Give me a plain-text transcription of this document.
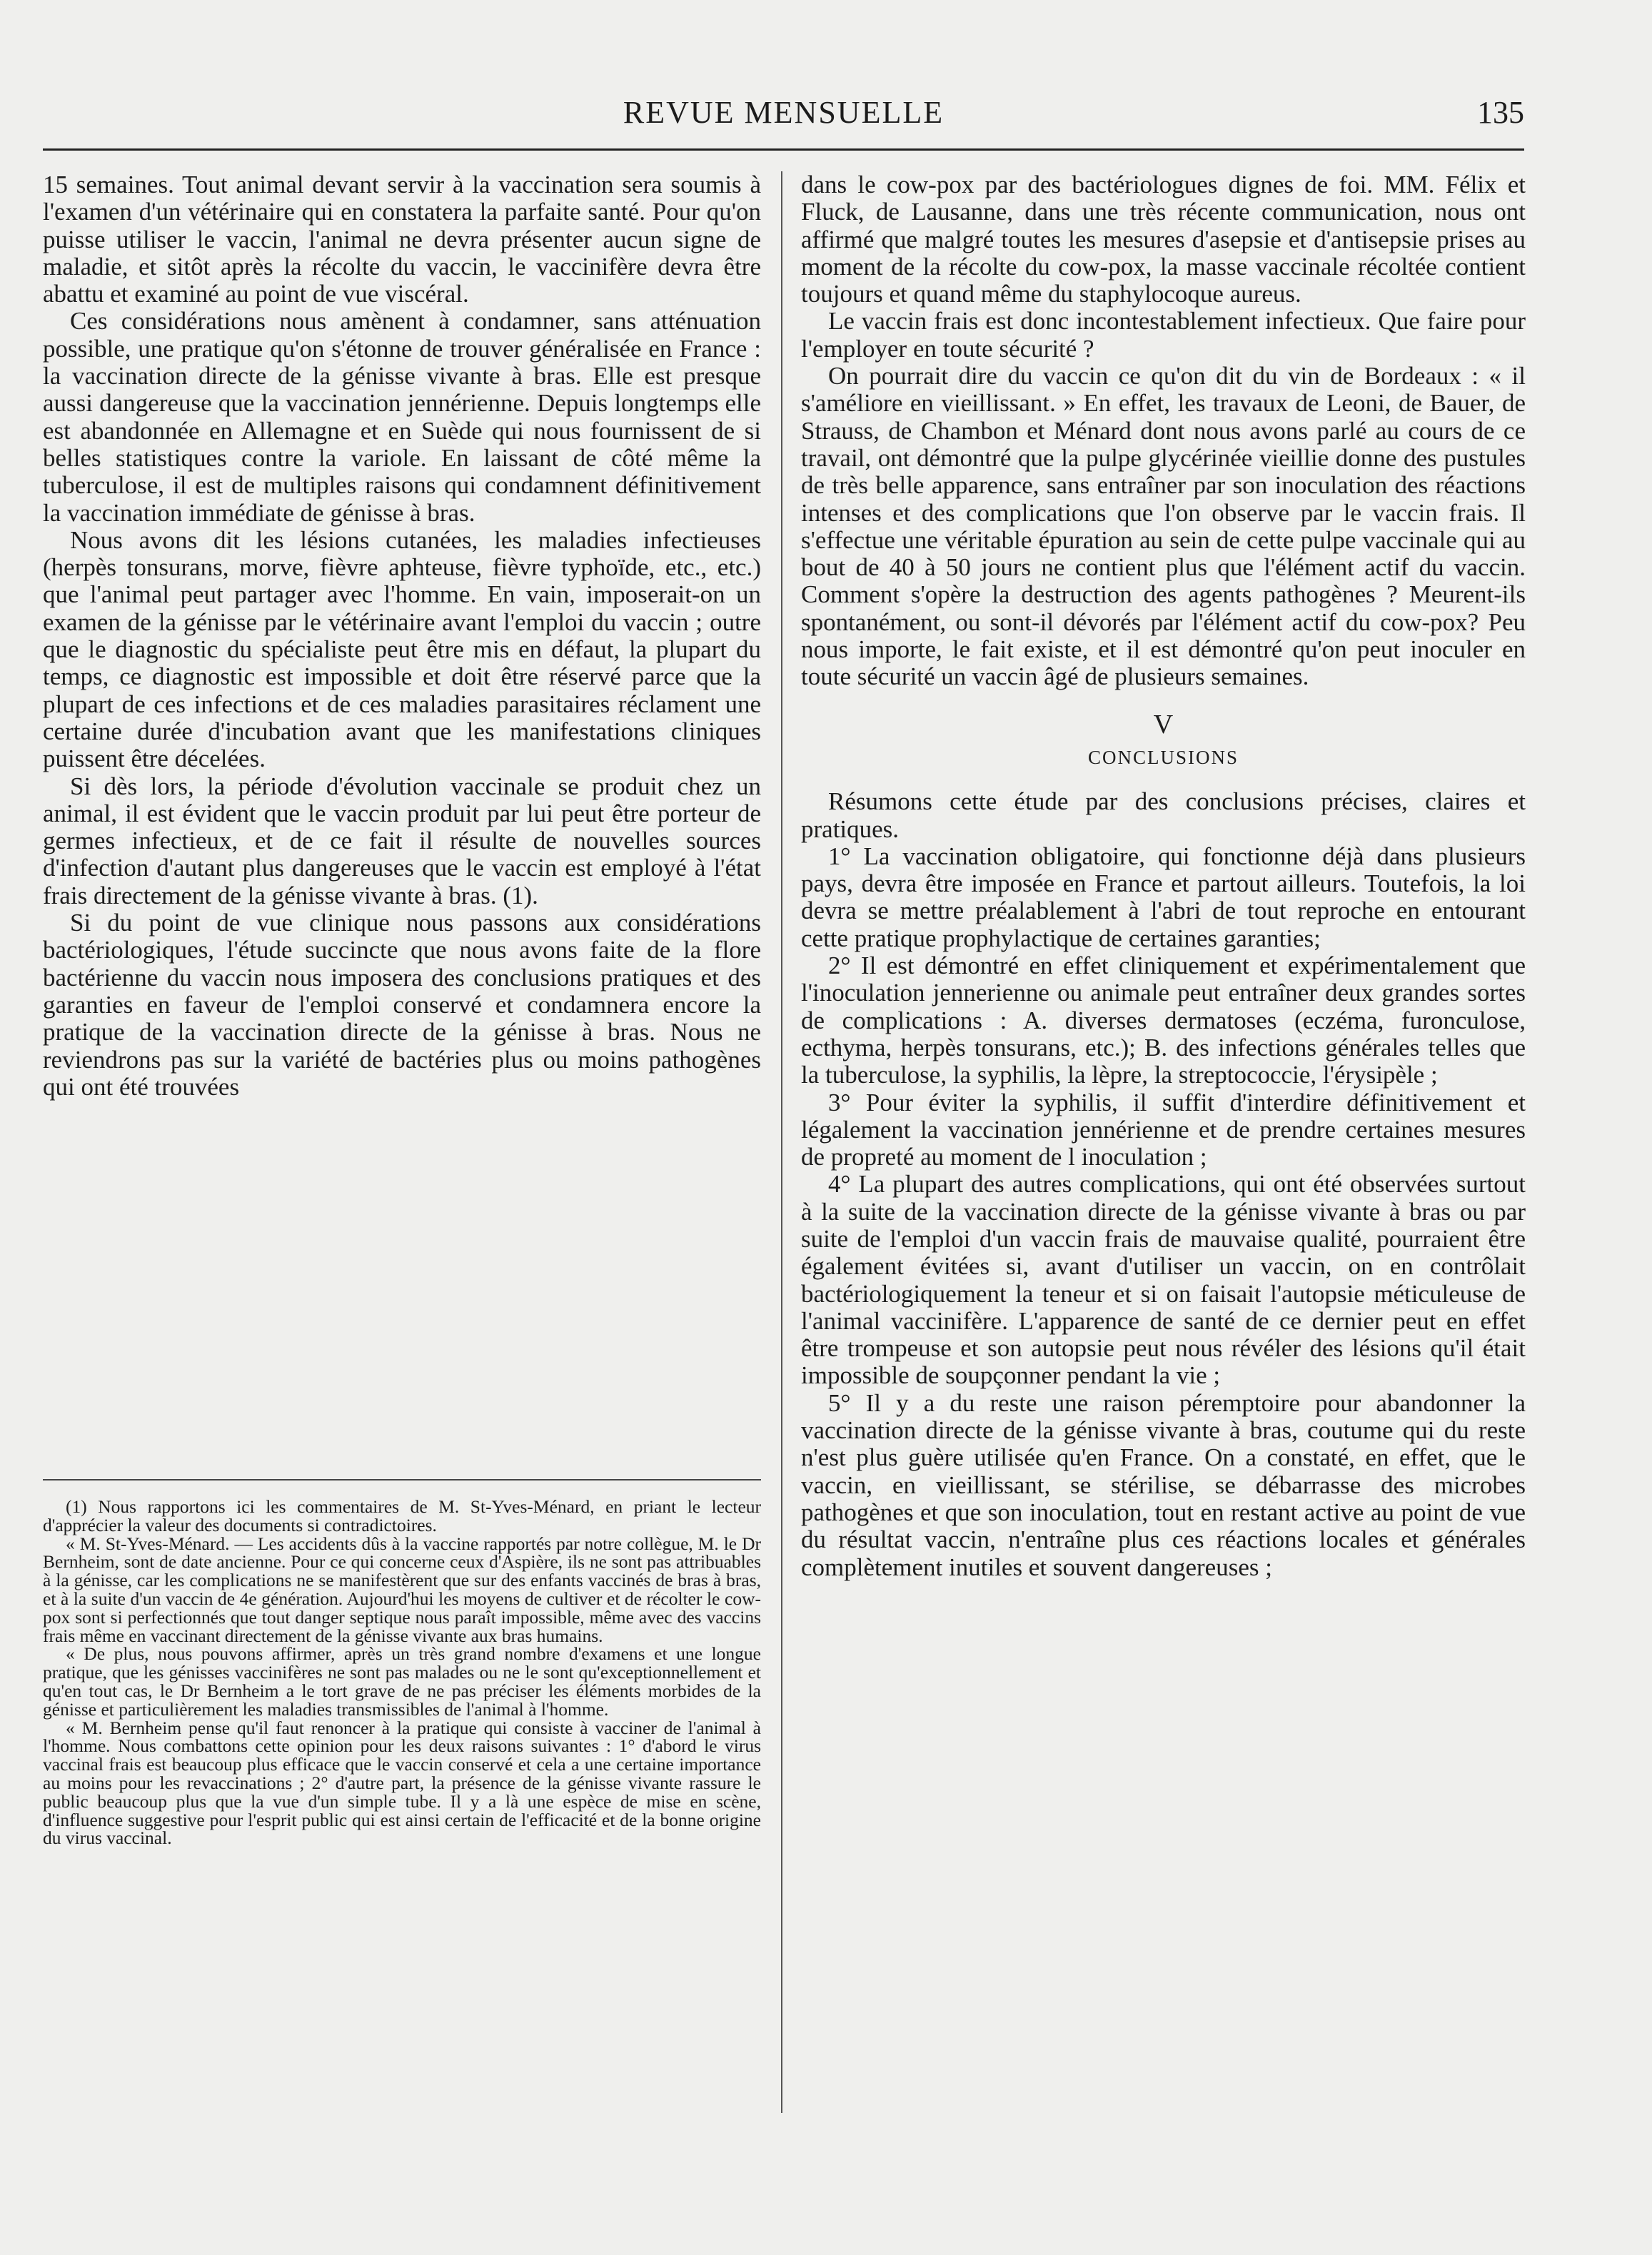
REVUE MENSUELLE	135

15 semaines. Tout animal devant servir à la vaccination sera soumis à l'examen d'un vétérinaire qui en constatera la parfaite santé. Pour qu'on puisse utiliser le vaccin, l'animal ne devra présenter aucun signe de maladie, et sitôt après la récolte du vaccin, le vaccinifère devra être abattu et examiné au point de vue viscéral.

Ces considérations nous amènent à condamner, sans atténuation possible, une pratique qu'on s'étonne de trouver généralisée en France : la vaccination directe de la génisse vivante à bras. Elle est presque aussi dangereuse que la vaccination jennérienne. Depuis longtemps elle est abandonnée en Allemagne et en Suède qui nous fournissent de si belles statistiques contre la variole. En laissant de côté même la tuberculose, il est de multiples raisons qui condamnent définitivement la vaccination immédiate de génisse à bras.

Nous avons dit les lésions cutanées, les maladies infectieuses (herpès tonsurans, morve, fièvre aphteuse, fièvre typhoïde, etc., etc.) que l'animal peut partager avec l'homme. En vain, imposerait-on un examen de la génisse par le vétérinaire avant l'emploi du vaccin ; outre que le diagnostic du spécialiste peut être mis en défaut, la plupart du temps, ce diagnostic est impossible et doit être réservé parce que la plupart de ces infections et de ces maladies parasitaires réclament une certaine durée d'incubation avant que les manifestations cliniques puissent être décelées.

Si dès lors, la période d'évolution vaccinale se produit chez un animal, il est évident que le vaccin produit par lui peut être porteur de germes infectieux, et de ce fait il résulte de nouvelles sources d'infection d'autant plus dangereuses que le vaccin est employé à l'état frais directement de la génisse vivante à bras. (1).

Si du point de vue clinique nous passons aux considérations bactériologiques, l'étude succincte que nous avons faite de la flore bactérienne du vaccin nous imposera des conclusions pratiques et des garanties en faveur de l'emploi conservé et condamnera encore la pratique de la vaccination directe de la génisse à bras. Nous ne reviendrons pas sur la variété de bactéries plus ou moins pathogènes qui ont été trouvées

(1) Nous rapportons ici les commentaires de M. St-Yves-Ménard, en priant le lecteur d'apprécier la valeur des documents si contradictoires.

« M. St-Yves-Ménard. — Les accidents dûs à la vaccine rapportés par notre collègue, M. le Dr Bernheim, sont de date ancienne. Pour ce qui concerne ceux d'Aspière, ils ne sont pas attribuables à la génisse, car les complications ne se manifestèrent que sur des enfants vaccinés de bras à bras, et à la suite d'un vaccin de 4e génération. Aujourd'hui les moyens de cultiver et de récolter le cow-pox sont si perfectionnés que tout danger septique nous paraît impossible, même avec des vaccins frais même en vaccinant directement de la génisse vivante aux bras humains.

« De plus, nous pouvons affirmer, après un très grand nombre d'examens et une longue pratique, que les génisses vaccinifères ne sont pas malades ou ne le sont qu'exceptionnellement et qu'en tout cas, le Dr Bernheim a le tort grave de ne pas préciser les éléments morbides de la génisse et particulièrement les maladies transmissibles de l'animal à l'homme.

« M. Bernheim pense qu'il faut renoncer à la pratique qui consiste à vacciner de l'animal à l'homme. Nous combattons cette opinion pour les deux raisons suivantes : 1° d'abord le virus vaccinal frais est beaucoup plus efficace que le vaccin conservé et cela a une certaine importance au moins pour les revaccinations ; 2° d'autre part, la présence de la génisse vivante rassure le public beaucoup plus que la vue d'un simple tube. Il y a là une espèce de mise en scène, d'influence suggestive pour l'esprit public qui est ainsi certain de l'efficacité et de la bonne origine du virus vaccinal.

dans le cow-pox par des bactériologues dignes de foi. MM. Félix et Fluck, de Lausanne, dans une très récente communication, nous ont affirmé que malgré toutes les mesures d'asepsie et d'antisepsie prises au moment de la récolte du cow-pox, la masse vaccinale récoltée contient toujours et quand même du staphylocoque aureus.

Le vaccin frais est donc incontestablement infectieux. Que faire pour l'employer en toute sécurité ?

On pourrait dire du vaccin ce qu'on dit du vin de Bordeaux : « il s'améliore en vieillissant. » En effet, les travaux de Leoni, de Bauer, de Strauss, de Chambon et Ménard dont nous avons parlé au cours de ce travail, ont démontré que la pulpe glycérinée vieillie donne des pustules de très belle apparence, sans entraîner par son inoculation des réactions intenses et des complications que l'on observe par le vaccin frais. Il s'effectue une véritable épuration au sein de cette pulpe vaccinale qui au bout de 40 à 50 jours ne contient plus que l'élément actif du vaccin. Comment s'opère la destruction des agents pathogènes ? Meurent-ils spontanément, ou sont-il dévorés par l'élément actif du cow-pox? Peu nous importe, le fait existe, et il est démontré qu'on peut inoculer en toute sécurité un vaccin âgé de plusieurs semaines.

V
CONCLUSIONS

Résumons cette étude par des conclusions précises, claires et pratiques.

1° La vaccination obligatoire, qui fonctionne déjà dans plusieurs pays, devra être imposée en France et partout ailleurs. Toutefois, la loi devra se mettre préalablement à l'abri de tout reproche en entourant cette pratique prophylactique de certaines garanties;

2° Il est démontré en effet cliniquement et expérimentalement que l'inoculation jennerienne ou animale peut entraîner deux grandes sortes de complications : A. diverses dermatoses (eczéma, furonculose, ecthyma, herpès tonsurans, etc.); B. des infections générales telles que la tuberculose, la syphilis, la lèpre, la streptococcie, l'érysipèle ;

3° Pour éviter la syphilis, il suffit d'interdire définitivement et légalement la vaccination jennérienne et de prendre certaines mesures de propreté au moment de l inoculation ;

4° La plupart des autres complications, qui ont été observées surtout à la suite de la vaccination directe de la génisse vivante à bras ou par suite de l'emploi d'un vaccin frais de mauvaise qualité, pourraient être également évitées si, avant d'utiliser un vaccin, on en contrôlait bactériologiquement la teneur et si on faisait l'autopsie méticuleuse de l'animal vaccinifère. L'apparence de santé de ce dernier peut en effet être trompeuse et son autopsie peut nous révéler des lésions qu'il était impossible de soupçonner pendant la vie ;

5° Il y a du reste une raison péremptoire pour abandonner la vaccination directe de la génisse vivante à bras, coutume qui du reste n'est plus guère utilisée qu'en France. On a constaté, en effet, que le vaccin, en vieillissant, se stérilise, se débarrasse des microbes pathogènes et que son inoculation, tout en restant active au point de vue du résultat vaccin, n'entraîne plus ces réactions locales et générales complètement inutiles et souvent dangereuses ;
